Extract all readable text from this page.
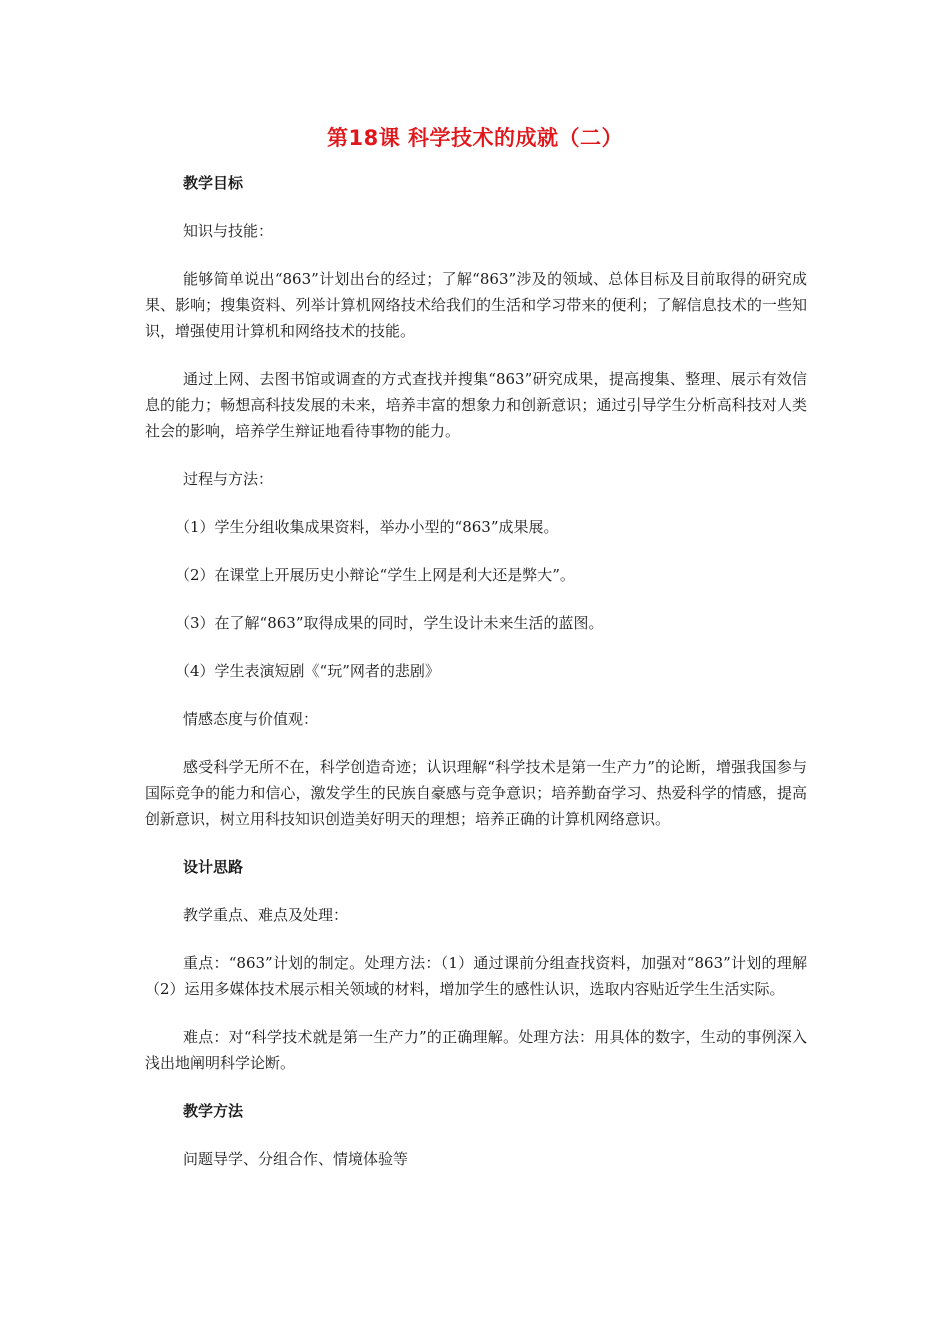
第18课 科学技术的成就（二）
教学目标
知识与技能：
能够简单说出“863”计划出台的经过；了解“863”涉及的领域、总体目标及目前取得的研究成果、影响；搜集资料、列举计算机网络技术给我们的生活和学习带来的便利；了解信息技术的一些知识，增强使用计算机和网络技术的技能。
通过上网、去图书馆或调查的方式查找并搜集“863”研究成果，提高搜集、整理、展示有效信息的能力；畅想高科技发展的未来，培养丰富的想象力和创新意识；通过引导学生分析高科技对人类社会的影响，培养学生辩证地看待事物的能力。
过程与方法：
（1）学生分组收集成果资料，举办小型的“863”成果展。
（2）在课堂上开展历史小辩论“学生上网是利大还是弊大”。
（3）在了解“863”取得成果的同时，学生设计未来生活的蓝图。
（4）学生表演短剧《“玩”网者的悲剧》
情感态度与价值观：
感受科学无所不在，科学创造奇迹；认识理解“科学技术是第一生产力”的论断，增强我国参与国际竞争的能力和信心，激发学生的民族自豪感与竞争意识；培养勤奋学习、热爱科学的情感，提高创新意识，树立用科技知识创造美好明天的理想；培养正确的计算机网络意识。
设计思路
教学重点、难点及处理：
重点：“863”计划的制定。处理方法：（1）通过课前分组查找资料，加强对“863”计划的理解（2）运用多媒体技术展示相关领域的材料，增加学生的感性认识，选取内容贴近学生生活实际。
难点：对“科学技术就是第一生产力”的正确理解。处理方法：用具体的数字，生动的事例深入浅出地阐明科学论断。
教学方法
问题导学、分组合作、情境体验等
